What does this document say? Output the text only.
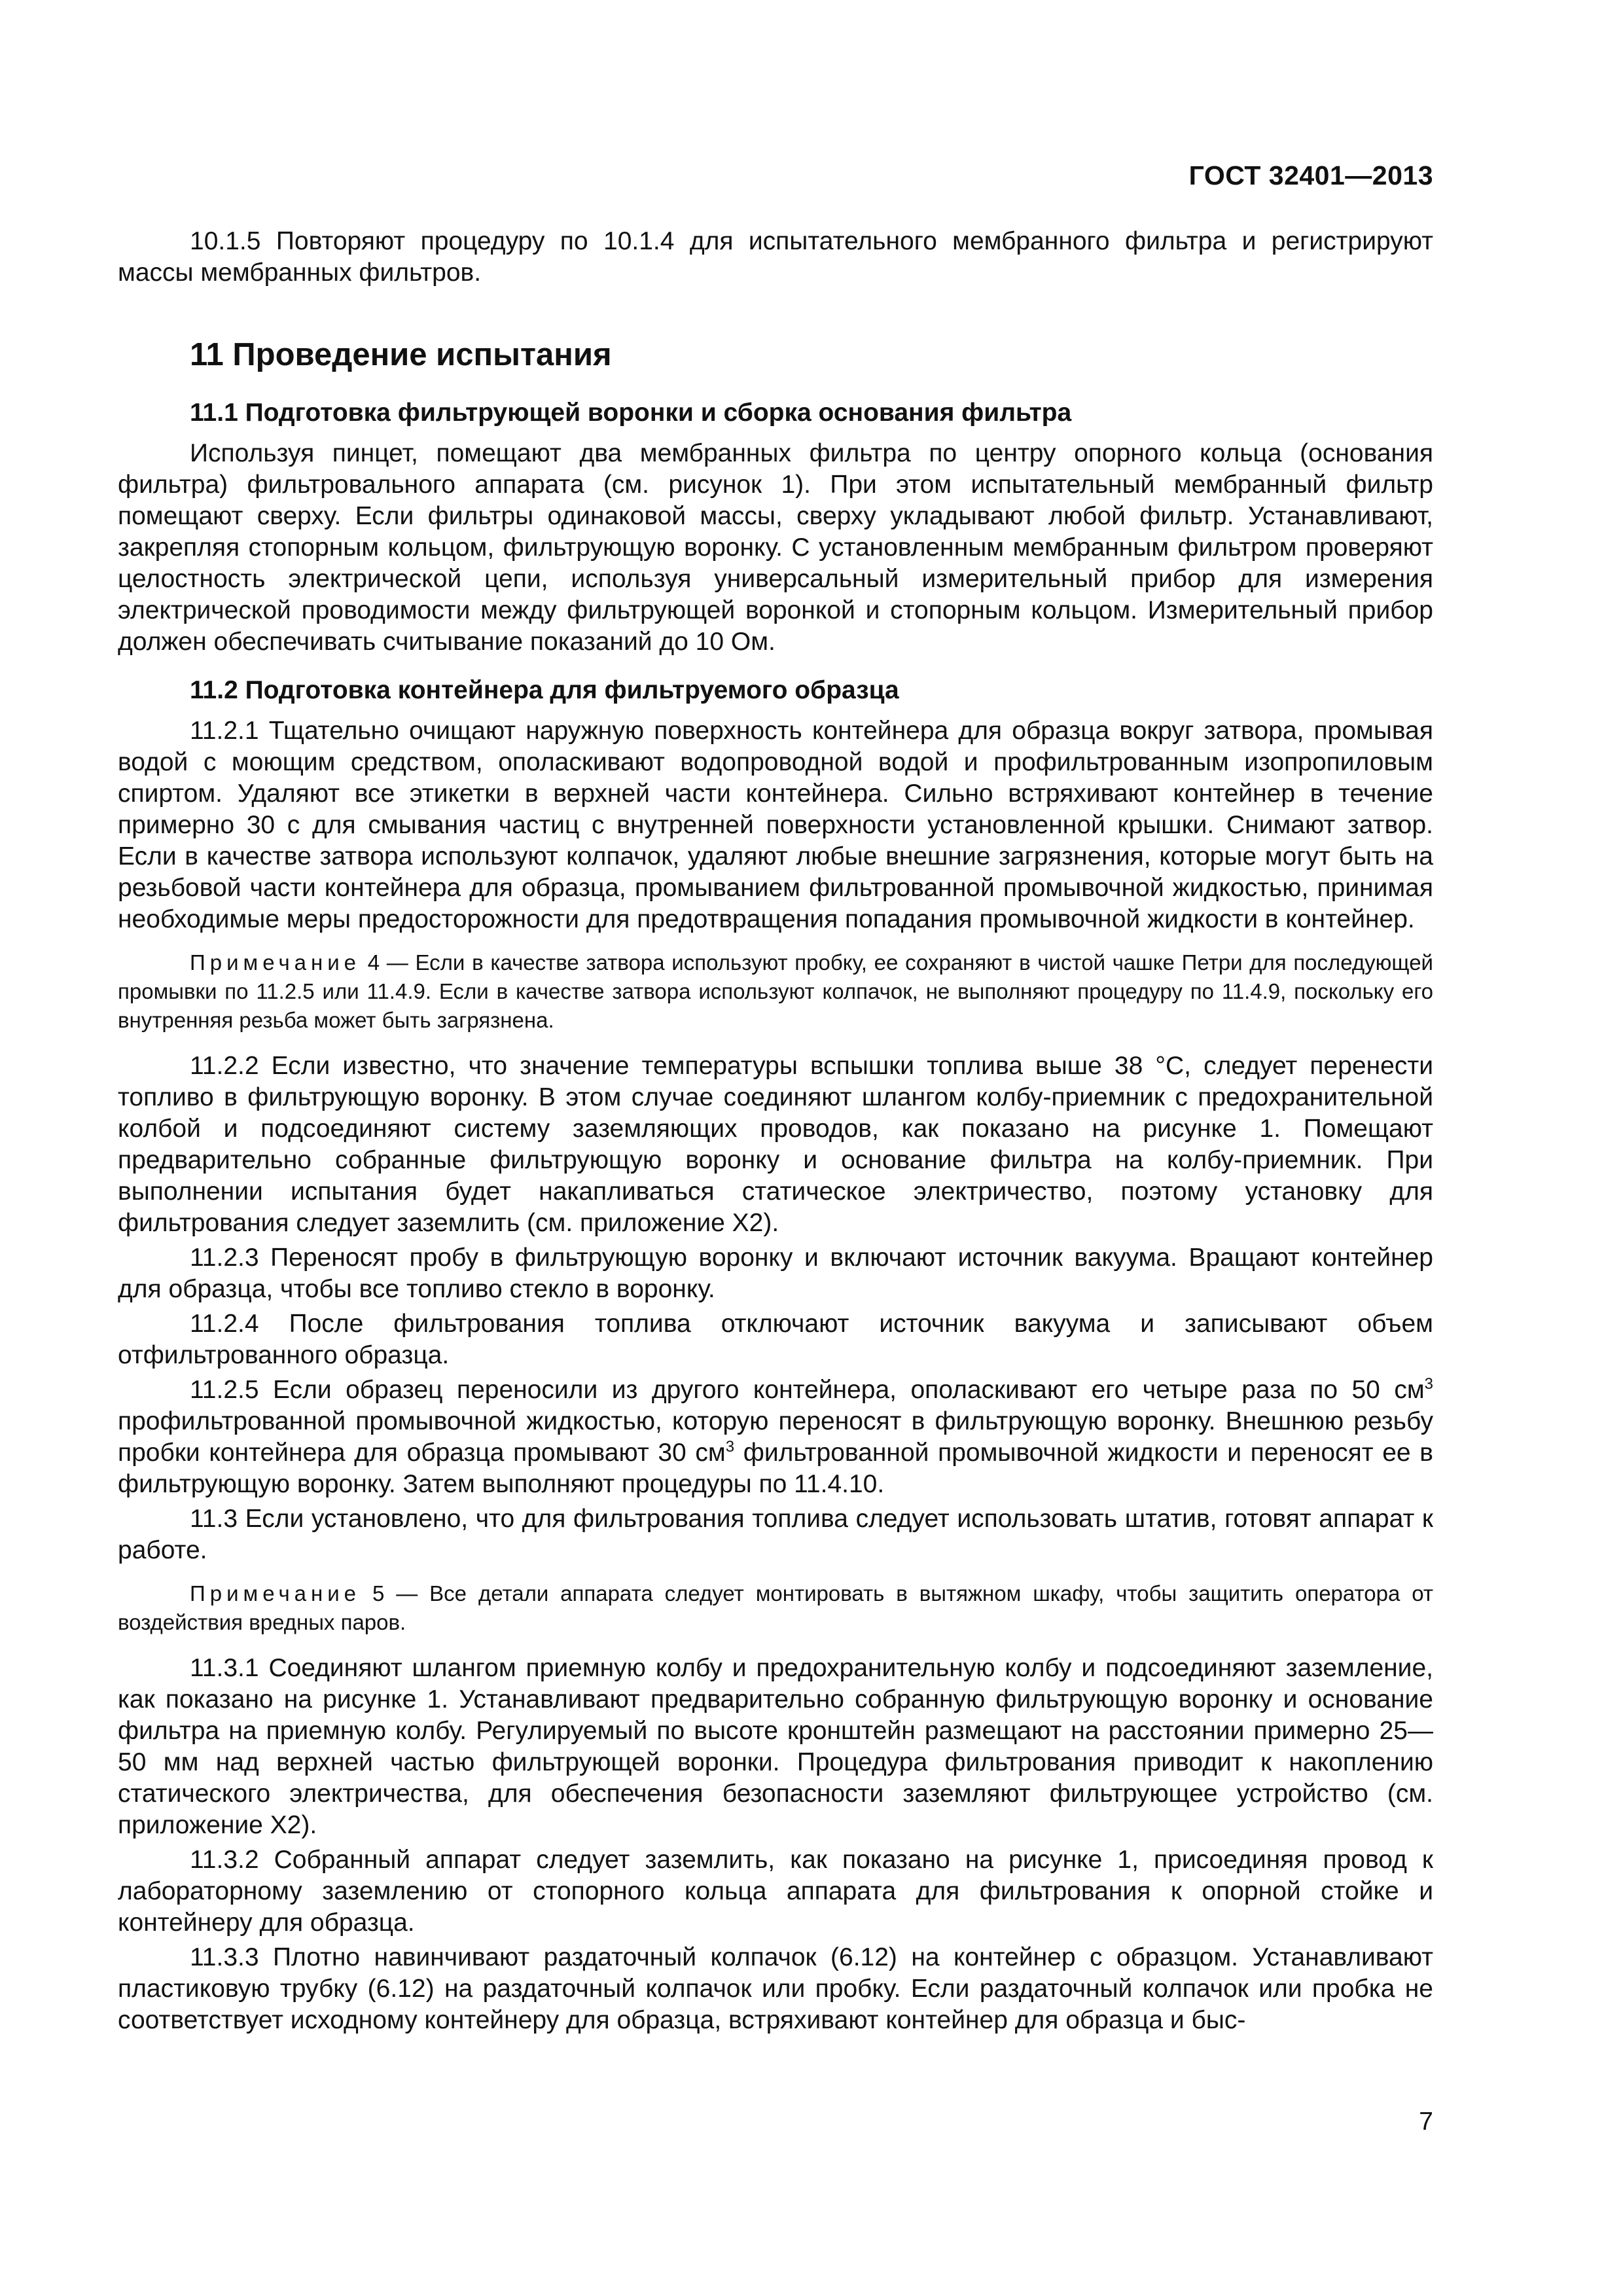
ГОСТ 32401—2013

10.1.5 Повторяют процедуру по 10.1.4 для испытательного мембранного фильтра и регистрируют массы мембранных фильтров.

11 Проведение испытания
11.1 Подготовка фильтрующей воронки и сборка основания фильтра

Используя пинцет, помещают два мембранных фильтра по центру опорного кольца (основания фильтра) фильтровального аппарата (см. рисунок 1). При этом испытательный мембранный фильтр помещают сверху. Если фильтры одинаковой массы, сверху укладывают любой фильтр. Устанавливают, закрепляя стопорным кольцом, фильтрующую воронку. С установленным мембранным фильтром проверяют целостность электрической цепи, используя универсальный измерительный прибор для измерения электрической проводимости между фильтрующей воронкой и стопорным кольцом. Измерительный прибор должен обеспечивать считывание показаний до 10 Ом.

11.2 Подготовка контейнера для фильтруемого образца

11.2.1 Тщательно очищают наружную поверхность контейнера для образца вокруг затвора, промывая водой с моющим средством, ополаскивают водопроводной водой и профильтрованным изопропиловым спиртом. Удаляют все этикетки в верхней части контейнера. Сильно встряхивают контейнер в течение примерно 30 с для смывания частиц с внутренней поверхности установленной крышки. Снимают затвор. Если в качестве затвора используют колпачок, удаляют любые внешние загрязнения, которые могут быть на резьбовой части контейнера для образца, промыванием фильтрованной промывочной жидкостью, принимая необходимые меры предосторожности для предотвращения попадания промывочной жидкости в контейнер.

Примечание 4 — Если в качестве затвора используют пробку, ее сохраняют в чистой чашке Петри для последующей промывки по 11.2.5 или 11.4.9. Если в качестве затвора используют колпачок, не выполняют процедуру по 11.4.9, поскольку его внутренняя резьба может быть загрязнена.

11.2.2 Если известно, что значение температуры вспышки топлива выше 38 °С, следует перенести топливо в фильтрующую воронку. В этом случае соединяют шлангом колбу-приемник с предохранительной колбой и подсоединяют систему заземляющих проводов, как показано на рисунке 1. Помещают предварительно собранные фильтрующую воронку и основание фильтра на колбу-приемник. При выполнении испытания будет накапливаться статическое электричество, поэтому установку для фильтрования следует заземлить (см. приложение Х2).

11.2.3 Переносят пробу в фильтрующую воронку и включают источник вакуума. Вращают контейнер для образца, чтобы все топливо стекло в воронку.

11.2.4 После фильтрования топлива отключают источник вакуума и записывают объем отфильтрованного образца.

11.2.5 Если образец переносили из другого контейнера, ополаскивают его четыре раза по 50 $см^3$ профильтрованной промывочной жидкостью, которую переносят в фильтрующую воронку. Внешнюю резьбу пробки контейнера для образца промывают 30 $см^3$ фильтрованной промывочной жидкости и переносят ее в фильтрующую воронку. Затем выполняют процедуры по 11.4.10.

11.3 Если установлено, что для фильтрования топлива следует использовать штатив, готовят аппарат к работе.

Примечание 5 — Все детали аппарата следует монтировать в вытяжном шкафу, чтобы защитить оператора от воздействия вредных паров.

11.3.1 Соединяют шлангом приемную колбу и предохранительную колбу и подсоединяют заземление, как показано на рисунке 1. Устанавливают предварительно собранную фильтрующую воронку и основание фильтра на приемную колбу. Регулируемый по высоте кронштейн размещают на расстоянии примерно 25—50 мм над верхней частью фильтрующей воронки. Процедура фильтрования приводит к накоплению статического электричества, для обеспечения безопасности заземляют фильтрующее устройство (см. приложение Х2).

11.3.2 Собранный аппарат следует заземлить, как показано на рисунке 1, присоединяя провод к лабораторному заземлению от стопорного кольца аппарата для фильтрования к опорной стойке и контейнеру для образца.

11.3.3 Плотно навинчивают раздаточный колпачок (6.12) на контейнер с образцом. Устанавливают пластиковую трубку (6.12) на раздаточный колпачок или пробку. Если раздаточный колпачок или пробка не соответствует исходному контейнеру для образца, встряхивают контейнер для образца и быс-

7
